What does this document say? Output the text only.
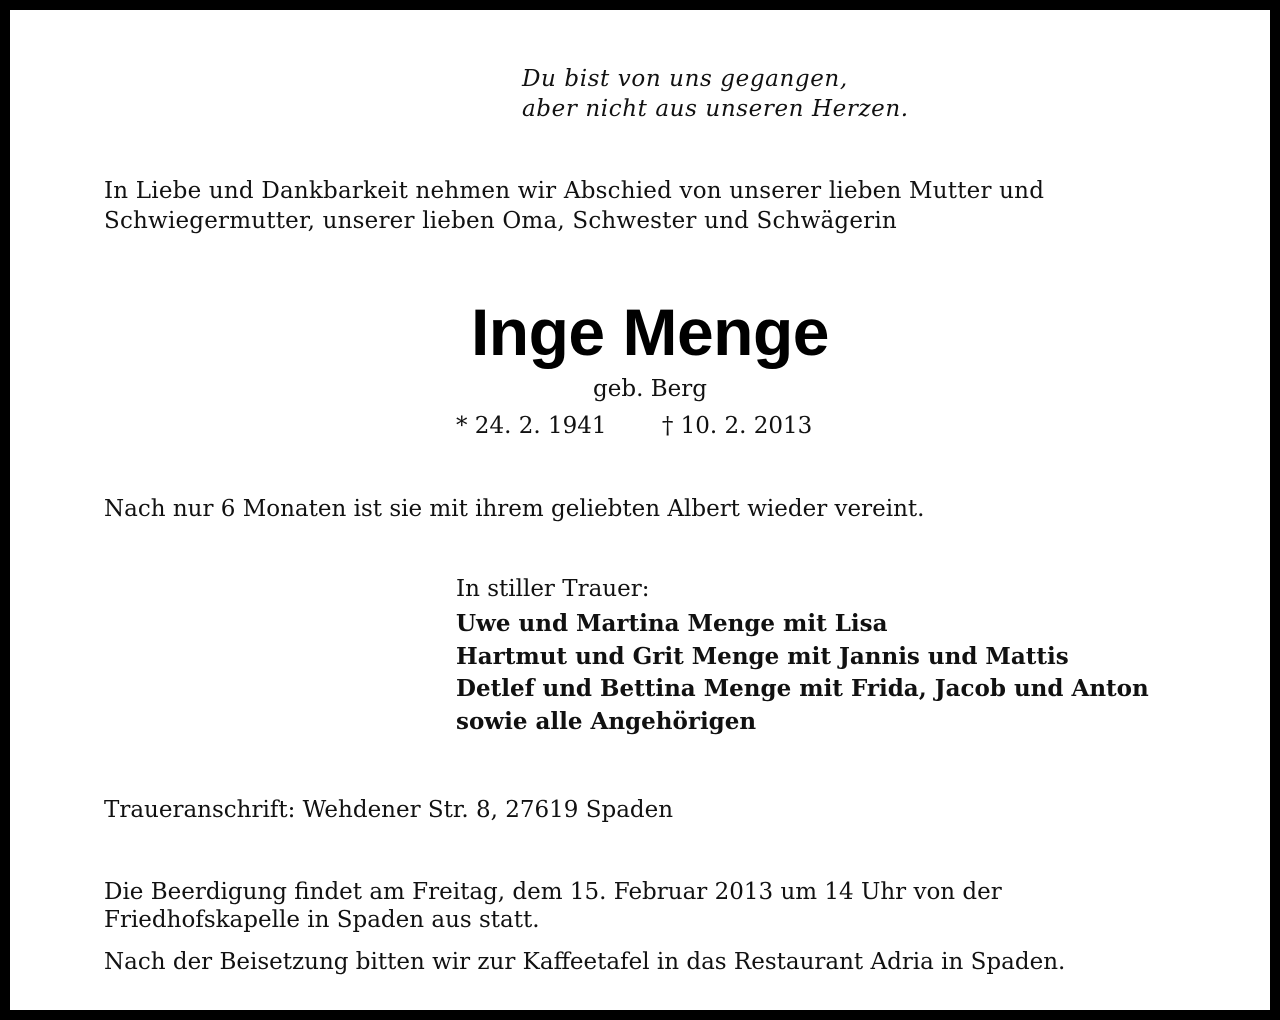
Du bist von uns gegangen,
aber nicht aus unseren Herzen.
In Liebe und Dankbarkeit nehmen wir Abschied von unserer lieben Mutter und
Schwiegermutter, unserer lieben Oma, Schwester und Schwägerin
Inge Menge
geb. Berg
* 24. 2. 1941 † 10. 2. 2013
Nach nur 6 Monaten ist sie mit ihrem geliebten Albert wieder vereint.
In stiller Trauer:
Uwe und Martina Menge mit Lisa
Hartmut und Grit Menge mit Jannis und Mattis
Detlef und Bettina Menge mit Frida, Jacob und Anton
sowie alle Angehörigen
Traueranschrift: Wehdener Str. 8, 27619 Spaden
Die Beerdigung findet am Freitag, dem 15. Februar 2013 um 14 Uhr von der
Friedhofskapelle in Spaden aus statt.
Nach der Beisetzung bitten wir zur Kaffeetafel in das Restaurant Adria in Spaden.
